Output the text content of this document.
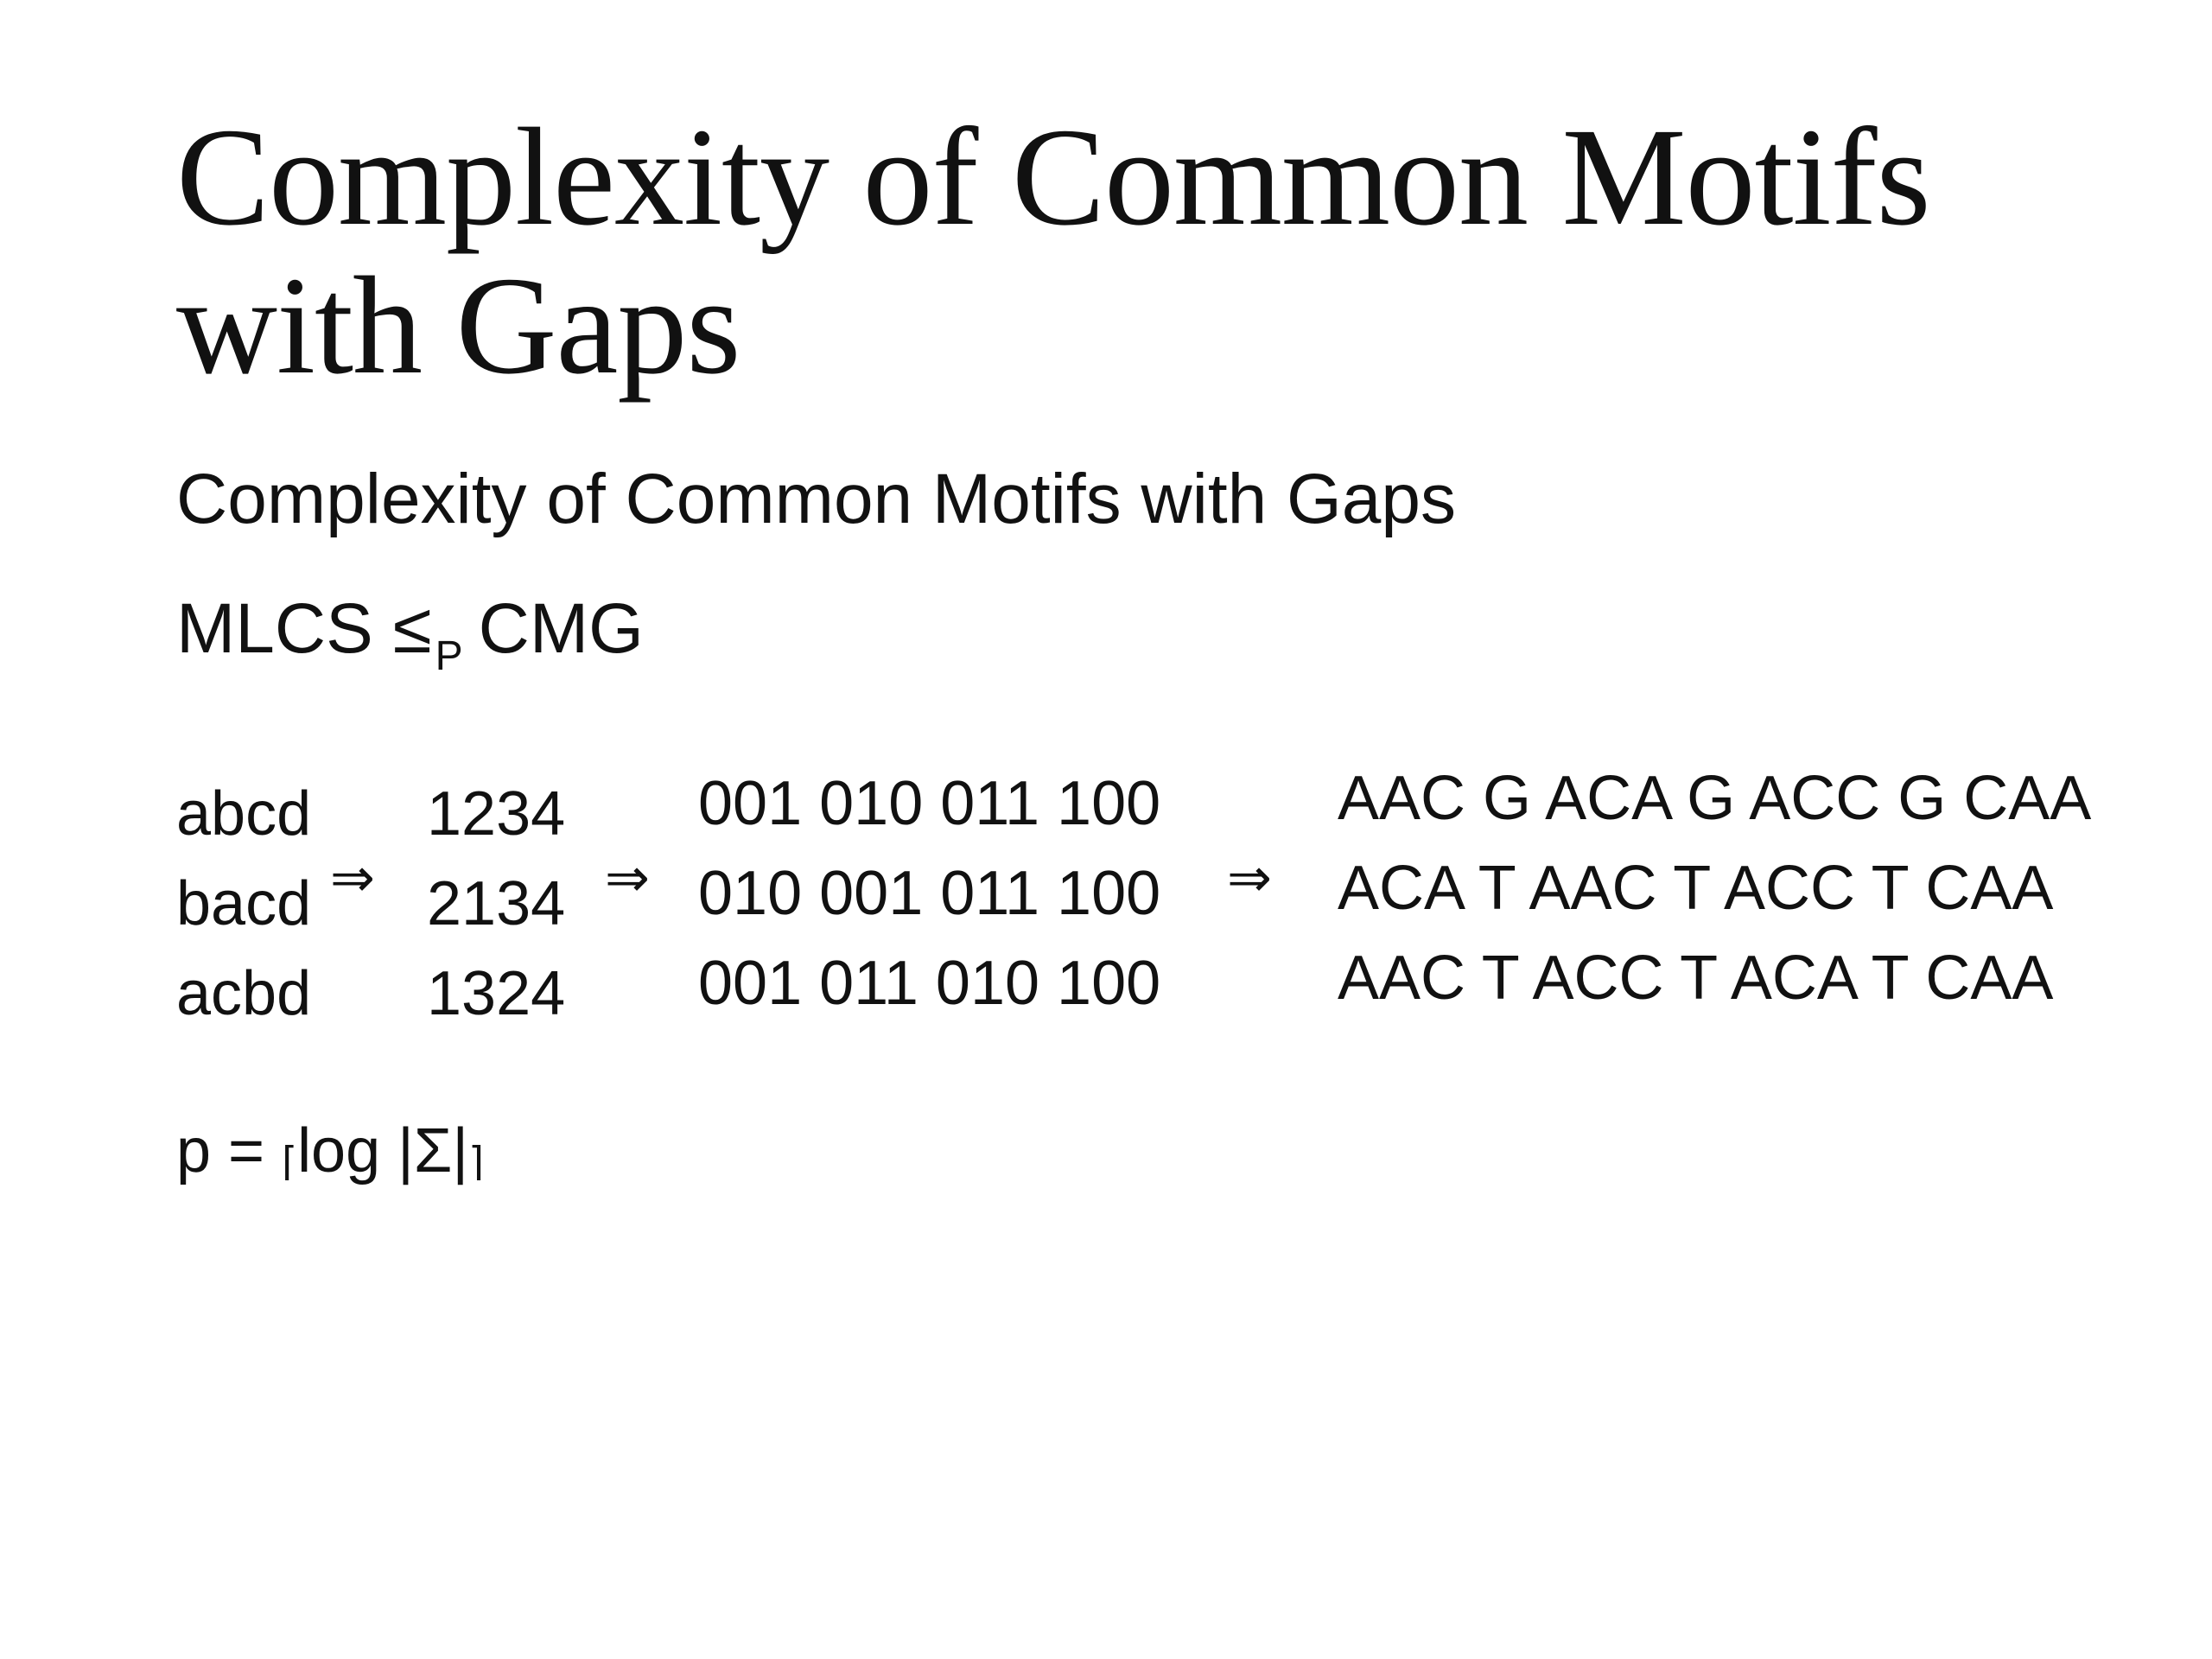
Complexity of Common Motifs
with Gaps
Complexity of Common Motifs with Gaps
MLCS $\le_P$ CMG
abcd
bacd
acbd
⇒
1234
2134
1324
⇒
001 010 011 100
010 001 011 100
001 011 010 100
⇒
AAC G ACA G ACC G CAA
ACA T AAC T ACC T CAA
AAC T ACC T ACA T CAA
p = ⌈log |Σ|⌉
